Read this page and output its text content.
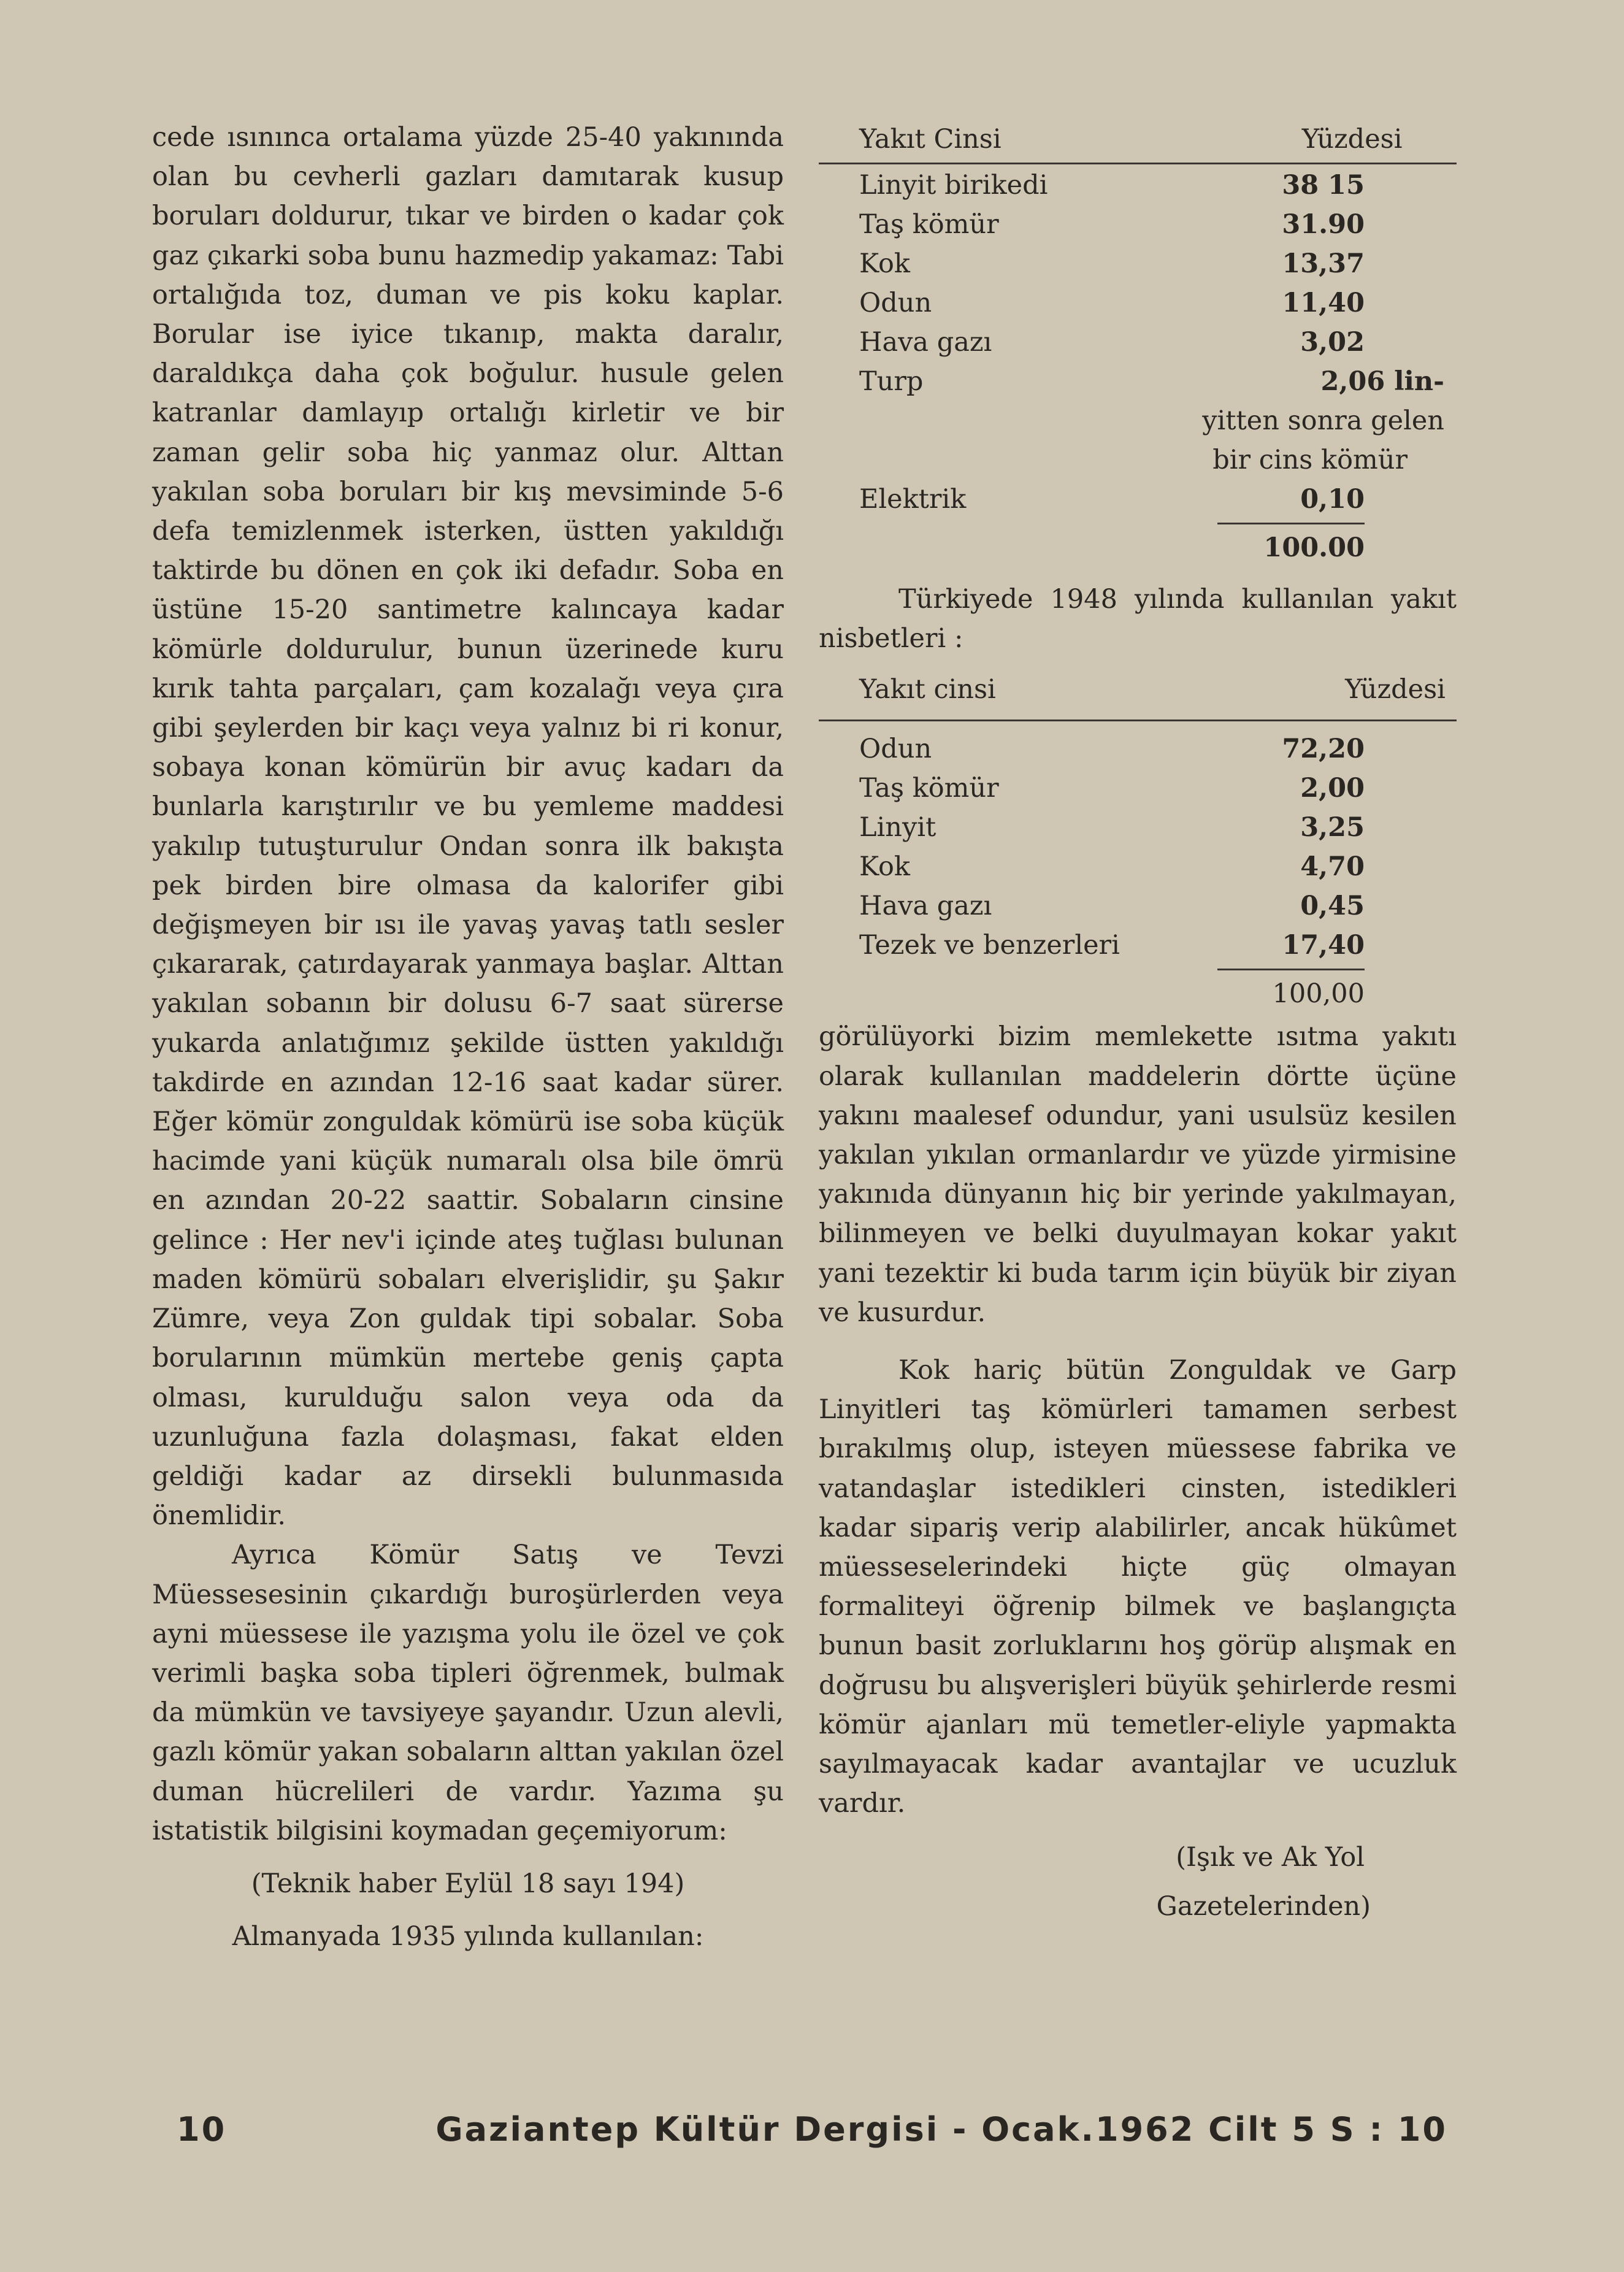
cede ısınınca ortalama yüzde 25-40 yakınında olan bu cevherli gazları damıtarak kusup boruları doldurur, tıkar ve birden o kadar çok gaz çıkarki soba bunu hazmedip yakamaz: Tabi ortalığıda toz, duman ve pis koku kaplar. Borular ise iyice tıkanıp, makta daralır, daraldıkça daha çok boğulur. husule gelen katranlar damlayıp ortalığı kirletir ve bir zaman gelir soba hiç yanmaz olur. Alttan yakılan soba boruları bir kış mevsiminde 5-6 defa temizlenmek isterken, üstten yakıldığı taktirde bu dönen en çok iki defadır. Soba en üstüne 15-20 santimetre kalıncaya kadar kömürle doldurulur, bunun üzerinede kuru kırık tahta parçaları, çam kozalağı veya çıra gibi şeylerden bir kaçı veya yalnız bi ri konur, sobaya konan kömürün bir avuç kadarı da bunlarla karıştırılır ve bu yemleme maddesi yakılıp tutuşturulur Ondan sonra ilk bakışta pek birden bire olmasa da kalorifer gibi değişmeyen bir ısı ile yavaş yavaş tatlı sesler çıkararak, çatırdayarak yanmaya başlar. Alttan yakılan sobanın bir dolusu 6-7 saat sürerse yukarda anlatığımız şekilde üstten yakıldığı takdirde en azından 12-16 saat kadar sürer. Eğer kömür zonguldak kömürü ise soba küçük hacimde yani küçük numaralı olsa bile ömrü en azından 20-22 saattir. Sobaların cinsine gelince : Her nev'i içinde ateş tuğlası bulunan maden kömürü sobaları elverişlidir, şu Şakır Zümre, veya Zon guldak tipi sobalar. Soba borularının mümkün mertebe geniş çapta olması, kurulduğu salon veya oda da uzunluğuna fazla dolaşması, fakat elden geldiği kadar az dirsekli bulunmasıda önemlidir.

Ayrıca Kömür Satış ve Tevzi Müessesesinin çıkardığı buroşürlerden veya ayni müessese ile yazışma yolu ile özel ve çok verimli başka soba tipleri öğrenmek, bulmak da mümkün ve tavsiyeye şayandır. Uzun alevli, gazlı kömür yakan sobaların alttan yakılan özel duman hücrelileri de vardır. Yazıma şu istatistik bilgisini koymadan geçemiyorum:

(Teknik haber Eylül 18 sayı 194)

Almanyada 1935 yılında kullanılan:

Yakıt Cinsi	Yüzdesi

Linyit birikedi	38 15
Taş kömür	31.90
Kok	13,37
Odun	11,40
Hava gazı	3,02
Turp	2,06 lin-
	yitten sonra gelen
	bir cins kömür
Elektrik	0,10
100.00

Türkiyede 1948 yılında kullanılan yakıt nisbetleri :

Yakıt cinsi	Yüzdesi

Odun	72,20
Taş kömür	2,00
Linyit	3,25
Kok	4,70
Hava gazı	0,45
Tezek ve benzerleri	17,40
100,00

görülüyorki bizim memlekette ısıtma yakıtı olarak kullanılan maddelerin dörtte üçüne yakını maalesef odundur, yani usulsüz kesilen yakılan yıkılan ormanlardır ve yüzde yirmisine yakınıda dünyanın hiç bir yerinde yakılmayan, bilinmeyen ve belki duyulmayan kokar yakıt yani tezektir ki buda tarım için büyük bir ziyan ve kusurdur.

Kok hariç bütün Zonguldak ve Garp Linyitleri taş kömürleri tamamen serbest bırakılmış olup, isteyen müessese fabrika ve vatandaşlar istedikleri cinsten, istedikleri kadar sipariş verip alabilirler, ancak hükûmet müesseselerindeki hiçte güç olmayan formaliteyi öğrenip bilmek ve başlangıçta bunun basit zorluklarını hoş görüp alışmak en doğrusu bu alışverişleri büyük şehirlerde resmi kömür ajanları mü temetler-eliyle yapmakta sayılmayacak kadar avantajlar ve ucuzluk vardır.

(Işık ve Ak Yol
Gazetelerinden)
10	Gaziantep Kültür Dergisi - Ocak.1962 Cilt 5 S : 10
